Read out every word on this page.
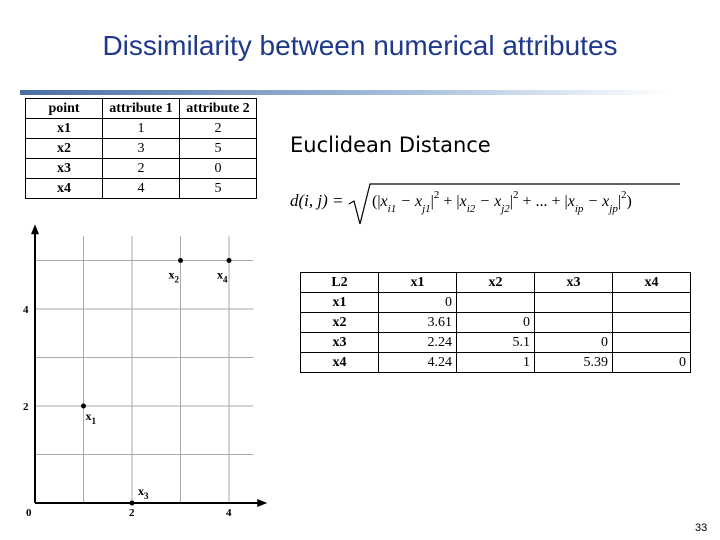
Dissimilarity between numerical attributes
point	attribute 1	attribute 2
x1	1	2
x2	3	5
x3	2	0
x4	4	5
Euclidean Distance
d(i, $j) = (|x_{i1} - x_{j1}|^2 + |x_{i2} - x_{j2}|^2$ + ... + $|x_{ip} - x_{jp}|^2$)
L2	x1	x2	x3	x4
x1	0			
x2	3.61	0		
x3	2.24	5.1	0	
x4	4.24	1	5.39	0
0	2	4
2
4
$x_1$
$x_2$
$x_3$
$x_4$
33
